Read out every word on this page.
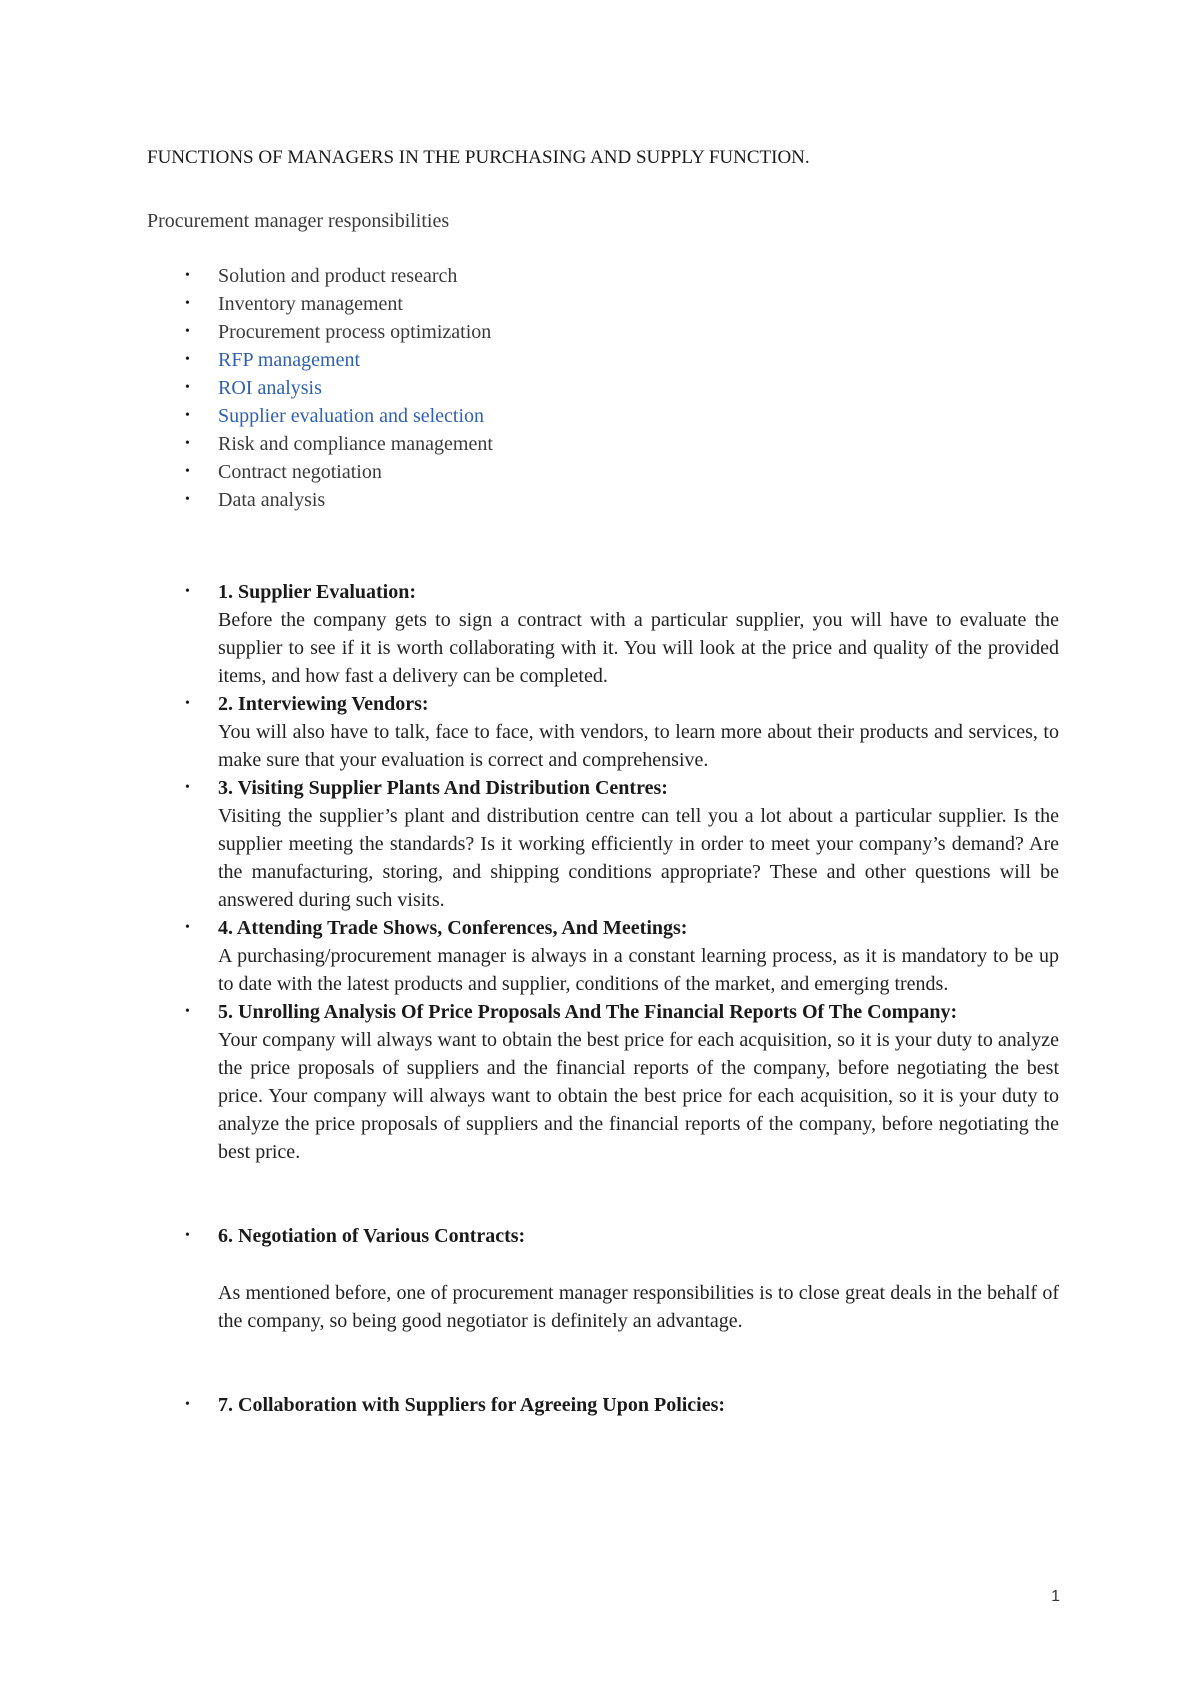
FUNCTIONS OF MANAGERS IN THE PURCHASING AND SUPPLY FUNCTION.
Procurement manager responsibilities
• Solution and product research
• Inventory management
• Procurement process optimization
• RFP management
• ROI analysis
• Supplier evaluation and selection
• Risk and compliance management
• Contract negotiation
• Data analysis
• 1. Supplier Evaluation:
Before the company gets to sign a contract with a particular supplier, you will have to evaluate the supplier to see if it is worth collaborating with it. You will look at the price and quality of the provided items, and how fast a delivery can be completed.
• 2. Interviewing Vendors:
You will also have to talk, face to face, with vendors, to learn more about their products and services, to make sure that your evaluation is correct and comprehensive.
• 3. Visiting Supplier Plants And Distribution Centres:
Visiting the supplier’s plant and distribution centre can tell you a lot about a particular supplier. Is the supplier meeting the standards? Is it working efficiently in order to meet your company’s demand? Are the manufacturing, storing, and shipping conditions appropriate? These and other questions will be answered during such visits.
• 4. Attending Trade Shows, Conferences, And Meetings:
A purchasing/procurement manager is always in a constant learning process, as it is mandatory to be up to date with the latest products and supplier, conditions of the market, and emerging trends.
• 5. Unrolling Analysis Of Price Proposals And The Financial Reports Of The Company:
Your company will always want to obtain the best price for each acquisition, so it is your duty to analyze the price proposals of suppliers and the financial reports of the company, before negotiating the best price. Your company will always want to obtain the best price for each acquisition, so it is your duty to analyze the price proposals of suppliers and the financial reports of the company, before negotiating the best price.
• 6. Negotiation of Various Contracts:
As mentioned before, one of procurement manager responsibilities is to close great deals in the behalf of the company, so being good negotiator is definitely an advantage.
• 7. Collaboration with Suppliers for Agreeing Upon Policies:
1
